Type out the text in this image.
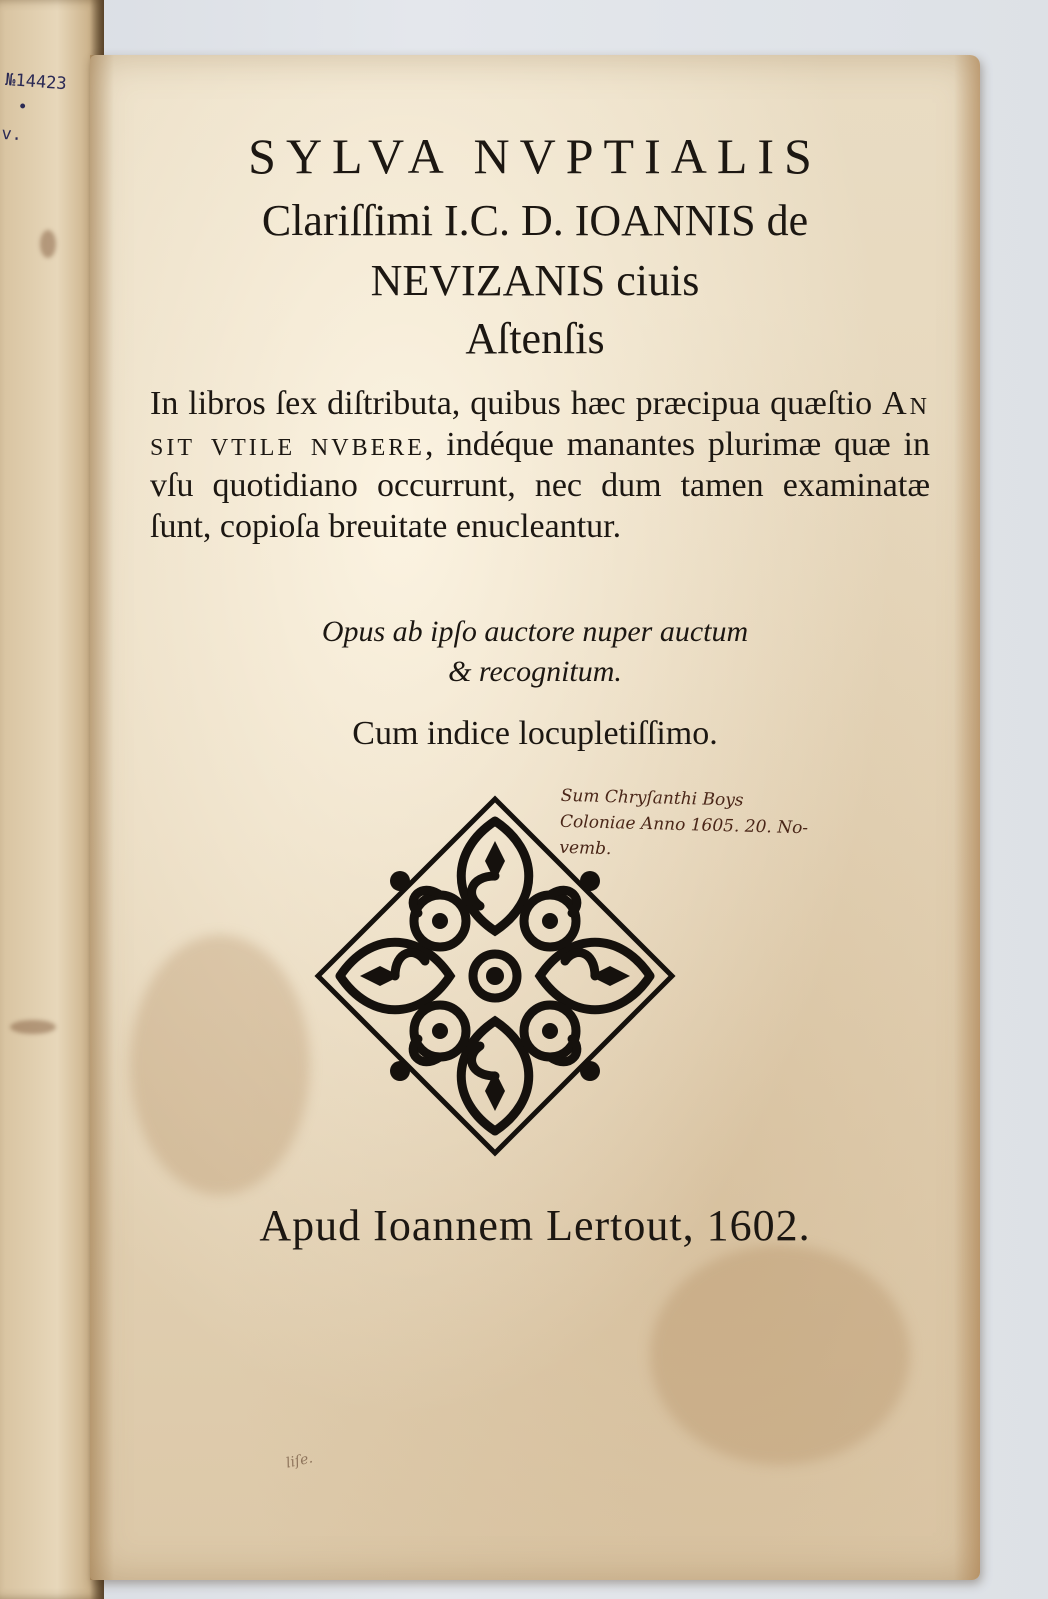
№14423
•
v.	SYLVA NVPTIALIS

Clariſſimi I.C. D. IOANNIS de

NEVIZANIS ciuis

Aſtenſis

In libros ſex diſtributa, quibus hæc præcipua quæſtio An sit vtile nvbere, indéque manantes plurimæ quæ in vſu quotidiano occurrunt, nec dum tamen examinatæ ſunt, copioſa breuitate enucleantur.

Opus ab ipſo auctore nuper auctum

& recognitum.

Cum indice locupletiſſimo.

Sum Chryſanthi Boys
Coloniae Anno 1605. 20. No-
vemb.

Apud Ioannem Lertout, 1602.

liſe.
